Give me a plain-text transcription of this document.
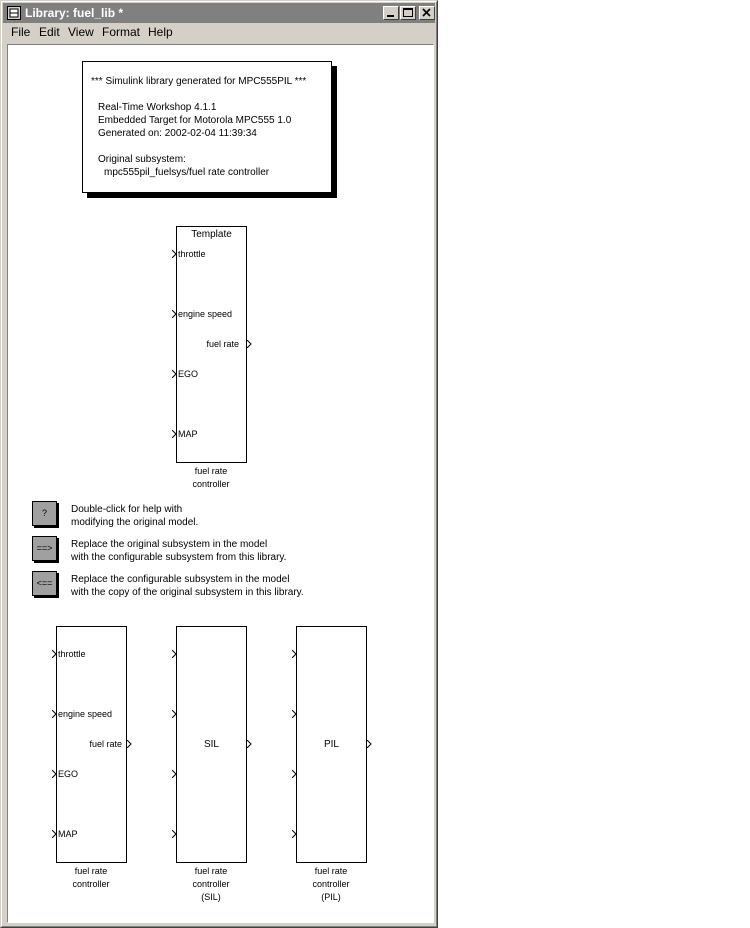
Library: fuel_lib *
File Edit View Format Help
*** Simulink library generated for MPC555PIL ***
Real-Time Workshop 4.1.1
Embedded Target for Motorola MPC555 1.0
Generated on: 2002-02-04 11:39:34
Original subsystem:
mpc555pil_fuelsys/fuel rate controller
Template
throttle
engine speed
EGO
MAP
fuel rate
fuel rate
controller
?	Double-click for help with
modifying the original model.
==>	Replace the original subsystem in the model
with the configurable subsystem from this library.
<==	Replace the configurable subsystem in the model
with the copy of the original subsystem in this library.
throttle
engine speed
EGO
MAP
fuel rate
fuel rate
controller
SIL
fuel rate
controller
(SIL)
PIL
fuel rate
controller
(PIL)
